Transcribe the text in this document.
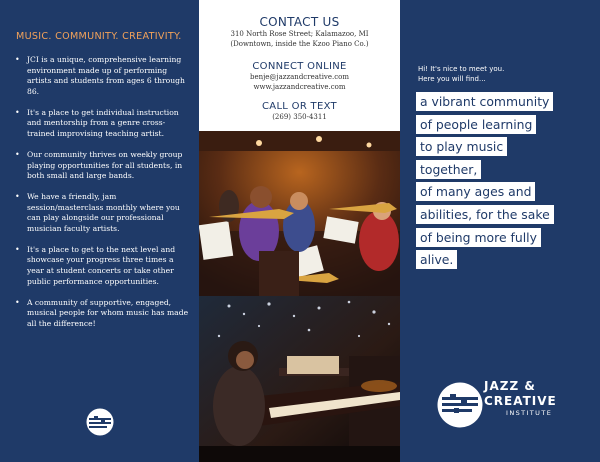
MUSIC. COMMUNITY. CREATIVITY.
• JCI is a unique, comprehensive learning environment made up of performing artists and students from ages 6 through 86.
• It's a place to get individual instruction and mentorship from a genre cross-trained improvising teaching artist.
• Our community thrives on weekly group playing opportunities for all students, in both small and large bands.
• We have a friendly, jam session/masterclass monthly where you can play alongside our professional musician faculty artists.
• It's a place to get to the next level and showcase your progress three times a year at student concerts or take other public performance opportunities.
• A community of supportive, engaged, musical people for whom music has made all the difference!
CONTACT US
310 North Rose Street; Kalamazoo, MI
(Downtown, inside the Kzoo Piano Co.)
CONNECT ONLINE
benje@jazzandcreative.com
www.jazzandcreative.com
CALL OR TEXT
(269) 350-4311
Hi! It's nice to meet you.
Here you will find...
a vibrant community
of people learning
to play music
together,
of many ages and
abilities, for the sake
of being more fully
alive.
JAZZ &
CREATIVE
INSTITUTE
